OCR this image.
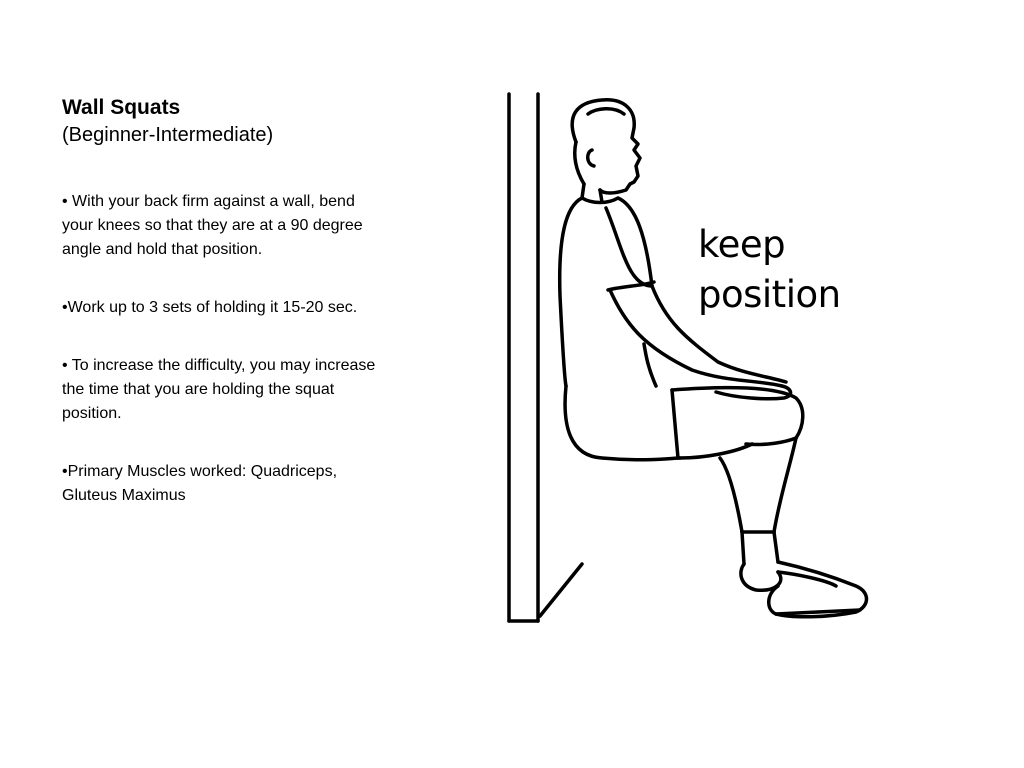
Wall Squats
(Beginner-Intermediate)
• With your back firm against a wall, bend your knees so that they are at a 90 degree angle and hold that position.
•Work up to 3 sets of holding it 15-20 sec.
• To increase the difficulty, you may increase the time that you are holding the squat position.
•Primary Muscles worked: Quadriceps, Gluteus Maximus
keep
position
